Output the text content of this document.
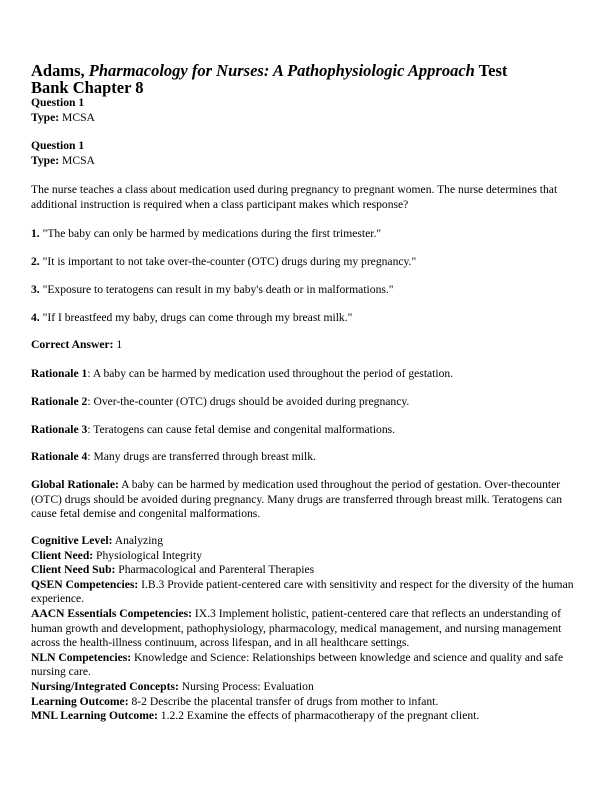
Adams, Pharmacology for Nurses: A Pathophysiologic Approach Test
Bank Chapter 8
Question 1
Type: MCSA
Question 1
Type: MCSA
The nurse teaches a class about medication used during pregnancy to pregnant women. The nurse determines that additional instruction is required when a class participant makes which response?
1. "The baby can only be harmed by medications during the first trimester."
2. "It is important to not take over-the-counter (OTC) drugs during my pregnancy."
3. "Exposure to teratogens can result in my baby's death or in malformations."
4. "If I breastfeed my baby, drugs can come through my breast milk."
Correct Answer: 1
Rationale 1: A baby can be harmed by medication used throughout the period of gestation.
Rationale 2: Over-the-counter (OTC) drugs should be avoided during pregnancy.
Rationale 3: Teratogens can cause fetal demise and congenital malformations.
Rationale 4: Many drugs are transferred through breast milk.
Global Rationale: A baby can be harmed by medication used throughout the period of gestation. Over-thecounter (OTC) drugs should be avoided during pregnancy. Many drugs are transferred through breast milk. Teratogens can cause fetal demise and congenital malformations.
Cognitive Level: Analyzing
Client Need: Physiological Integrity
Client Need Sub: Pharmacological and Parenteral Therapies
QSEN Competencies: I.B.3 Provide patient-centered care with sensitivity and respect for the diversity of the human experience.
AACN Essentials Competencies: IX.3 Implement holistic, patient-centered care that reflects an understanding of human growth and development, pathophysiology, pharmacology, medical management, and nursing management across the health-illness continuum, across lifespan, and in all healthcare settings.
NLN Competencies: Knowledge and Science: Relationships between knowledge and science and quality and safe nursing care.
Nursing/Integrated Concepts: Nursing Process: Evaluation
Learning Outcome: 8-2 Describe the placental transfer of drugs from mother to infant.
MNL Learning Outcome: 1.2.2 Examine the effects of pharmacotherapy of the pregnant client.
